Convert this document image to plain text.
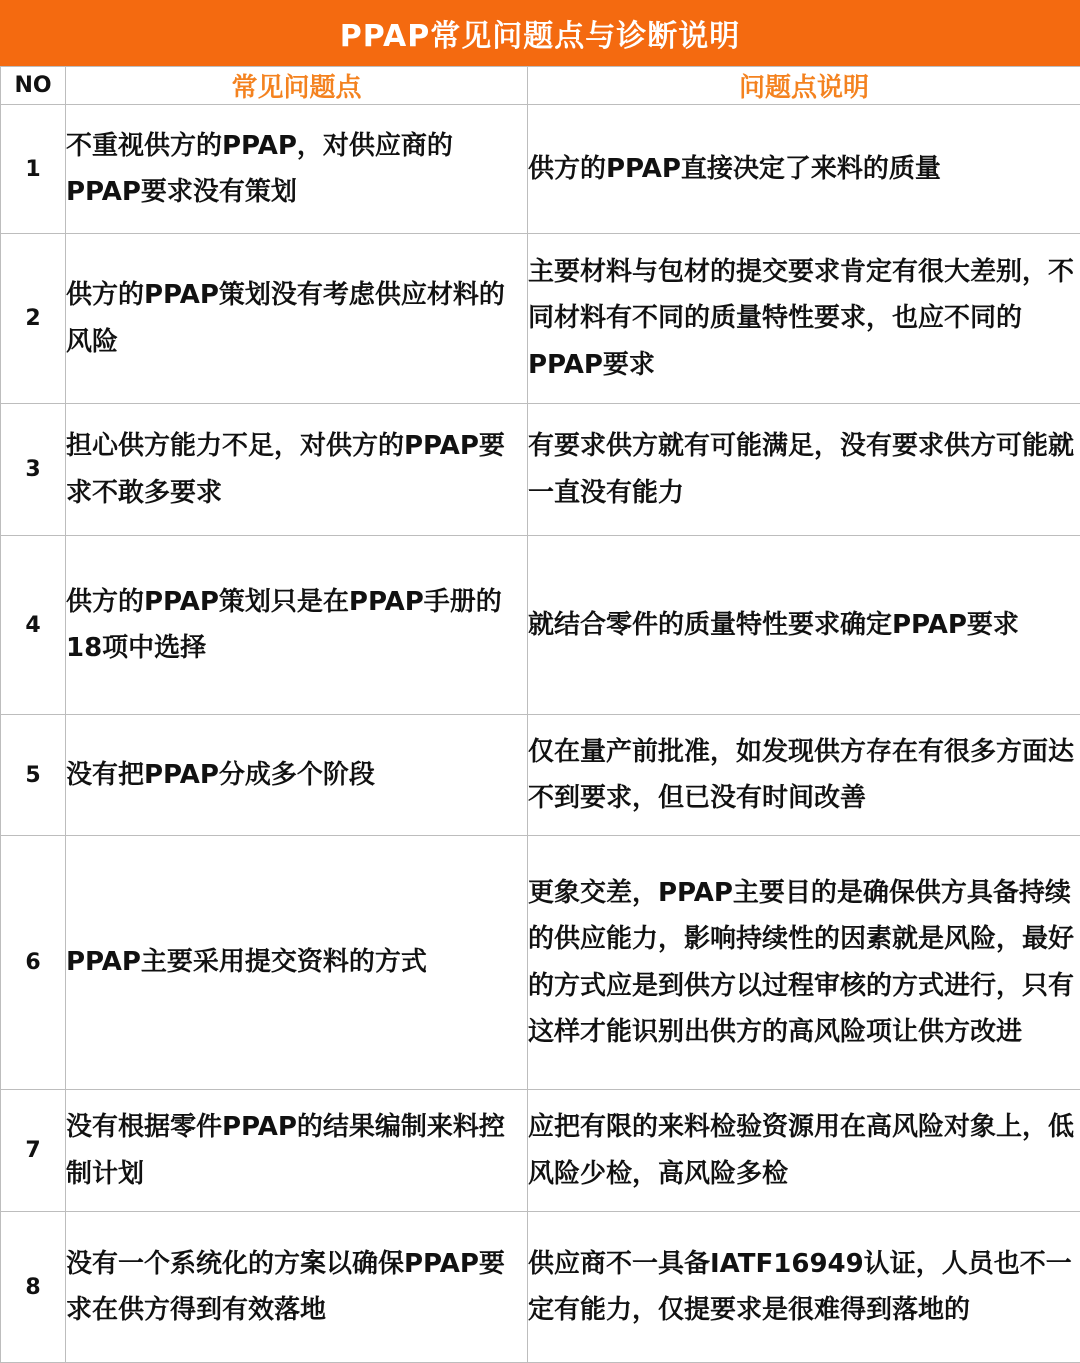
PPAP常见问题点与诊断说明
NO	常见问题点	问题点说明
1	不重视供方的PPAP，对供应商的PPAP要求没有策划	供方的PPAP直接决定了来料的质量
2	供方的PPAP策划没有考虑供应材料的风险	主要材料与包材的提交要求肯定有很大差别，不同材料有不同的质量特性要求，也应不同的PPAP要求
3	担心供方能力不足，对供方的PPAP要求不敢多要求	有要求供方就有可能满足，没有要求供方可能就一直没有能力
4	供方的PPAP策划只是在PPAP手册的18项中选择	就结合零件的质量特性要求确定PPAP要求
5	没有把PPAP分成多个阶段	仅在量产前批准，如发现供方存在有很多方面达不到要求，但已没有时间改善
6	PPAP主要采用提交资料的方式	更象交差，PPAP主要目的是确保供方具备持续的供应能力，影响持续性的因素就是风险，最好的方式应是到供方以过程审核的方式进行，只有这样才能识别出供方的高风险项让供方改进
7	没有根据零件PPAP的结果编制来料控制计划	应把有限的来料检验资源用在高风险对象上，低风险少检，高风险多检
8	没有一个系统化的方案以确保PPAP要求在供方得到有效落地	供应商不一具备IATF16949认证，人员也不一定有能力，仅提要求是很难得到落地的
